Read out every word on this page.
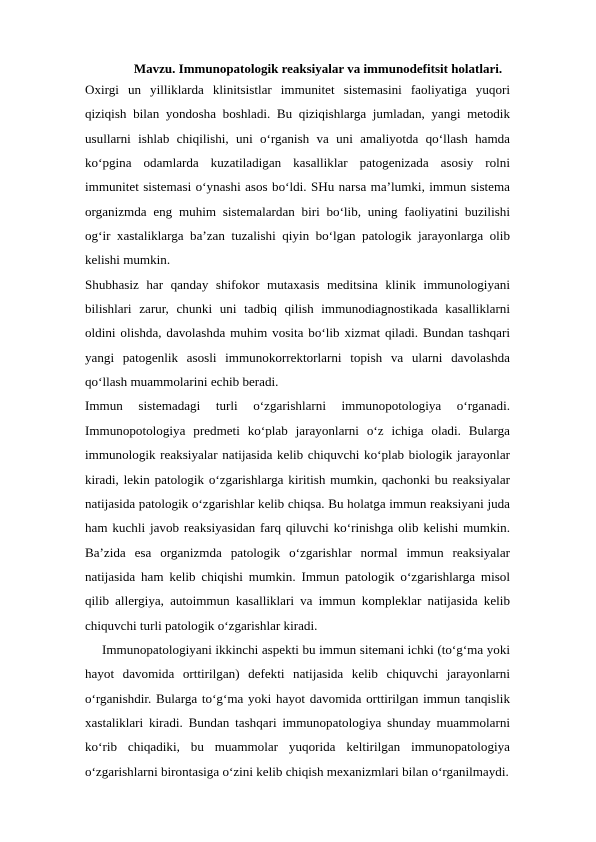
Mavzu. Immunopatologik reaksiyalar va immunodefitsit holatlari.

Oxirgi un yilliklarda klinitsistlar immunitet sistemasini faoliyatiga yuqori qiziqish bilan yondosha boshladi. Bu qiziqishlarga jumladan, yangi metodik usullarni ishlab chiqilishi, uni o‘rganish va uni amaliyotda qo‘llash hamda ko‘pgina odamlarda kuzatiladigan kasalliklar patogenizada asosiy rolni immunitet sistemasi o‘ynashi asos bo‘ldi. SHu narsa ma’lumki, immun sistema organizmda eng muhim sistemalardan biri bo‘lib, uning faoliyatini buzilishi og‘ir xastaliklarga ba’zan tuzalishi qiyin bo‘lgan patologik jarayonlarga olib kelishi mumkin.

Shubhasiz har qanday shifokor mutaxasis meditsina klinik immunologiyani bilishlari zarur, chunki uni tadbiq qilish immunodiagnostikada kasalliklarni oldini olishda, davolashda muhim vosita bo‘lib xizmat qiladi. Bundan tashqari yangi patogenlik asosli immunokorrektorlarni topish va ularni davolashda qo‘llash muammolarini echib beradi.

Immun sistemadagi turli o‘zgarishlarni immunopotologiya o‘rganadi. Immunopotologiya predmeti ko‘plab jarayonlarni o‘z ichiga oladi. Bularga immunologik reaksiyalar natijasida kelib chiquvchi ko‘plab biologik jarayonlar kiradi, lekin patologik o‘zgarishlarga kiritish mumkin, qachonki bu reaksiyalar natijasida patologik o‘zgarishlar kelib chiqsa. Bu holatga immun reaksiyani juda ham kuchli javob reaksiyasidan farq qiluvchi ko‘rinishga olib kelishi mumkin. Ba’zida esa organizmda patologik o‘zgarishlar normal immun reaksiyalar natijasida ham kelib chiqishi mumkin. Immun patologik o‘zgarishlarga misol qilib allergiya, autoimmun kasalliklari va immun kompleklar natijasida kelib chiquvchi turli patologik o‘zgarishlar kiradi.

Immunopatologiyani ikkinchi aspekti bu immun sitemani ichki (to‘g‘ma yoki hayot davomida orttirilgan) defekti natijasida kelib chiquvchi jarayonlarni o‘rganishdir. Bularga to‘g‘ma yoki hayot davomida orttirilgan immun tanqislik xastaliklari kiradi. Bundan tashqari immunopatologiya shunday muammolarni ko‘rib chiqadiki, bu muammolar yuqorida keltirilgan immunopatologiya o‘zgarishlarni birontasiga o‘zini kelib chiqish mexanizmlari bilan o‘rganilmaydi.
